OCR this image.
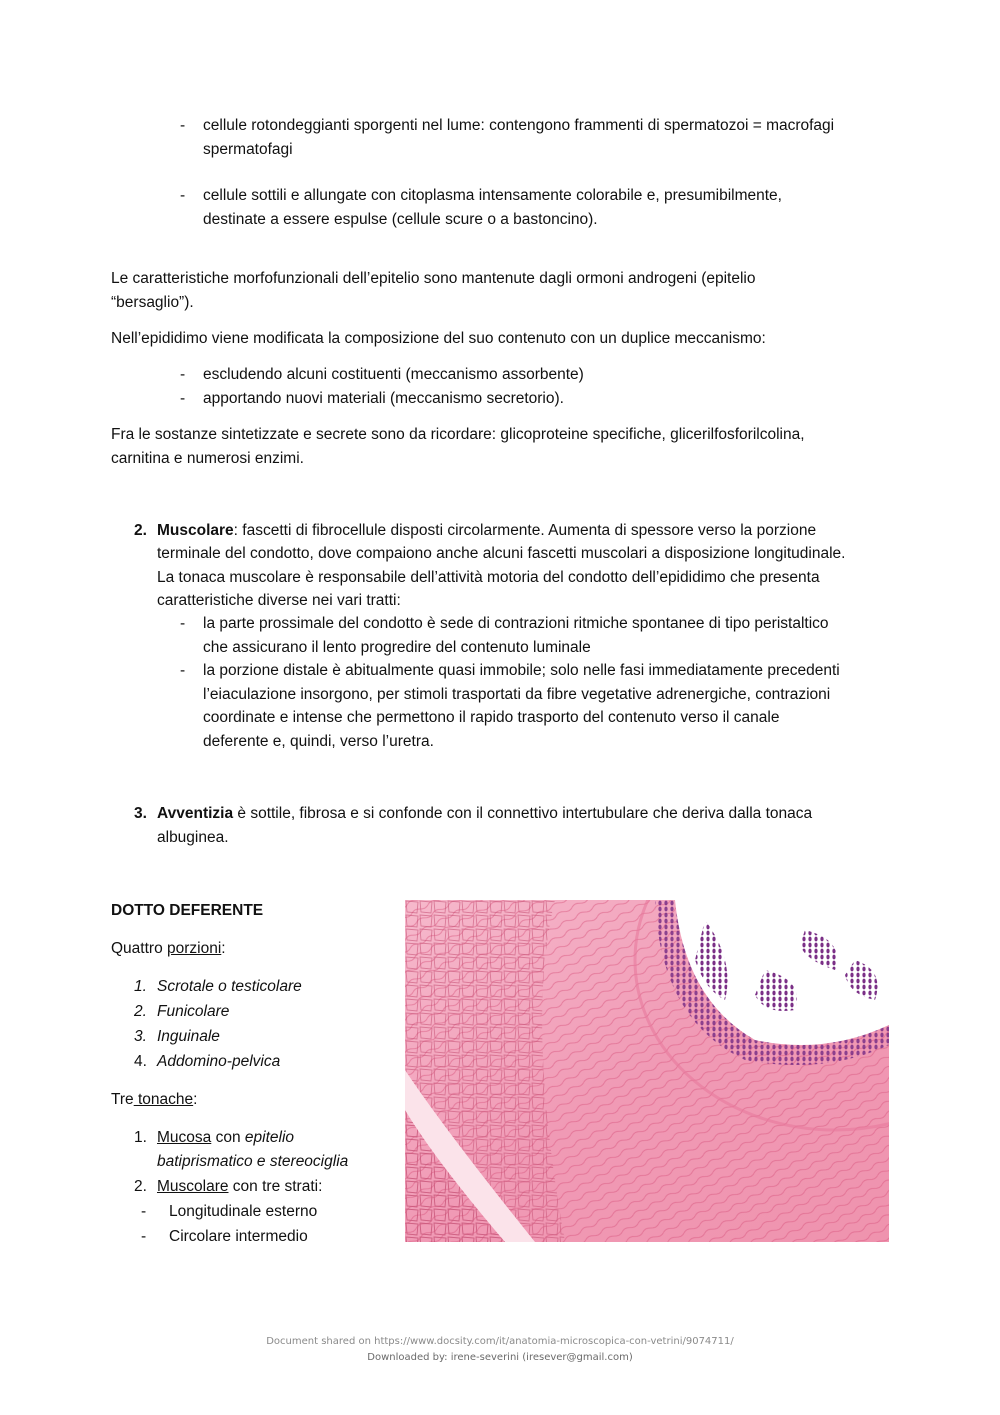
-	cellule rotondeggianti sporgenti nel lume: contengono frammenti di spermatozoi = macrofagi
spermatofagi
-	cellule sottili e allungate con citoplasma intensamente colorabile e, presumibilmente,
destinate a essere espulse (cellule scure o a bastoncino).
Le caratteristiche morfofunzionali dell’epitelio sono mantenute dagli ormoni androgeni (epitelio
“bersaglio”).
Nell’epididimo viene modificata la composizione del suo contenuto con un duplice meccanismo:
-	escludendo alcuni costituenti (meccanismo assorbente)
-	apportando nuovi materiali (meccanismo secretorio).
Fra le sostanze sintetizzate e secrete sono da ricordare: glicoproteine specifiche, glicerilfosforilcolina,
carnitina e numerosi enzimi.
2. Muscolare: fascetti di fibrocellule disposti circolarmente. Aumenta di spessore verso la porzione
terminale del condotto, dove compaiono anche alcuni fascetti muscolari a disposizione longitudinale.
La tonaca muscolare è responsabile dell’attività motoria del condotto dell’epididimo che presenta
caratteristiche diverse nei vari tratti:
-	la parte prossimale del condotto è sede di contrazioni ritmiche spontanee di tipo peristaltico
che assicurano il lento progredire del contenuto luminale
-	la porzione distale è abitualmente quasi immobile; solo nelle fasi immediatamente precedenti
l’eiaculazione insorgono, per stimoli trasportati da fibre vegetative adrenergiche, contrazioni
coordinate e intense che permettono il rapido trasporto del contenuto verso il canale
deferente e, quindi, verso l’uretra.
3. Avventizia è sottile, fibrosa e si confonde con il connettivo intertubulare che deriva dalla tonaca
albuginea.
DOTTO DEFERENTE
Quattro porzioni:
1. Scrotale o testicolare
2. Funicolare
3. Inguinale
4. Addomino-pelvica
Tre tonache:
1. Mucosa con epitelio
batiprismatico e stereociglia
2. Muscolare con tre strati:
-	Longitudinale esterno
-	Circolare intermedio
Document shared on https://www.docsity.com/it/anatomia-microscopica-con-vetrini/9074711/
Downloaded by: irene-severini (iresever@gmail.com)
